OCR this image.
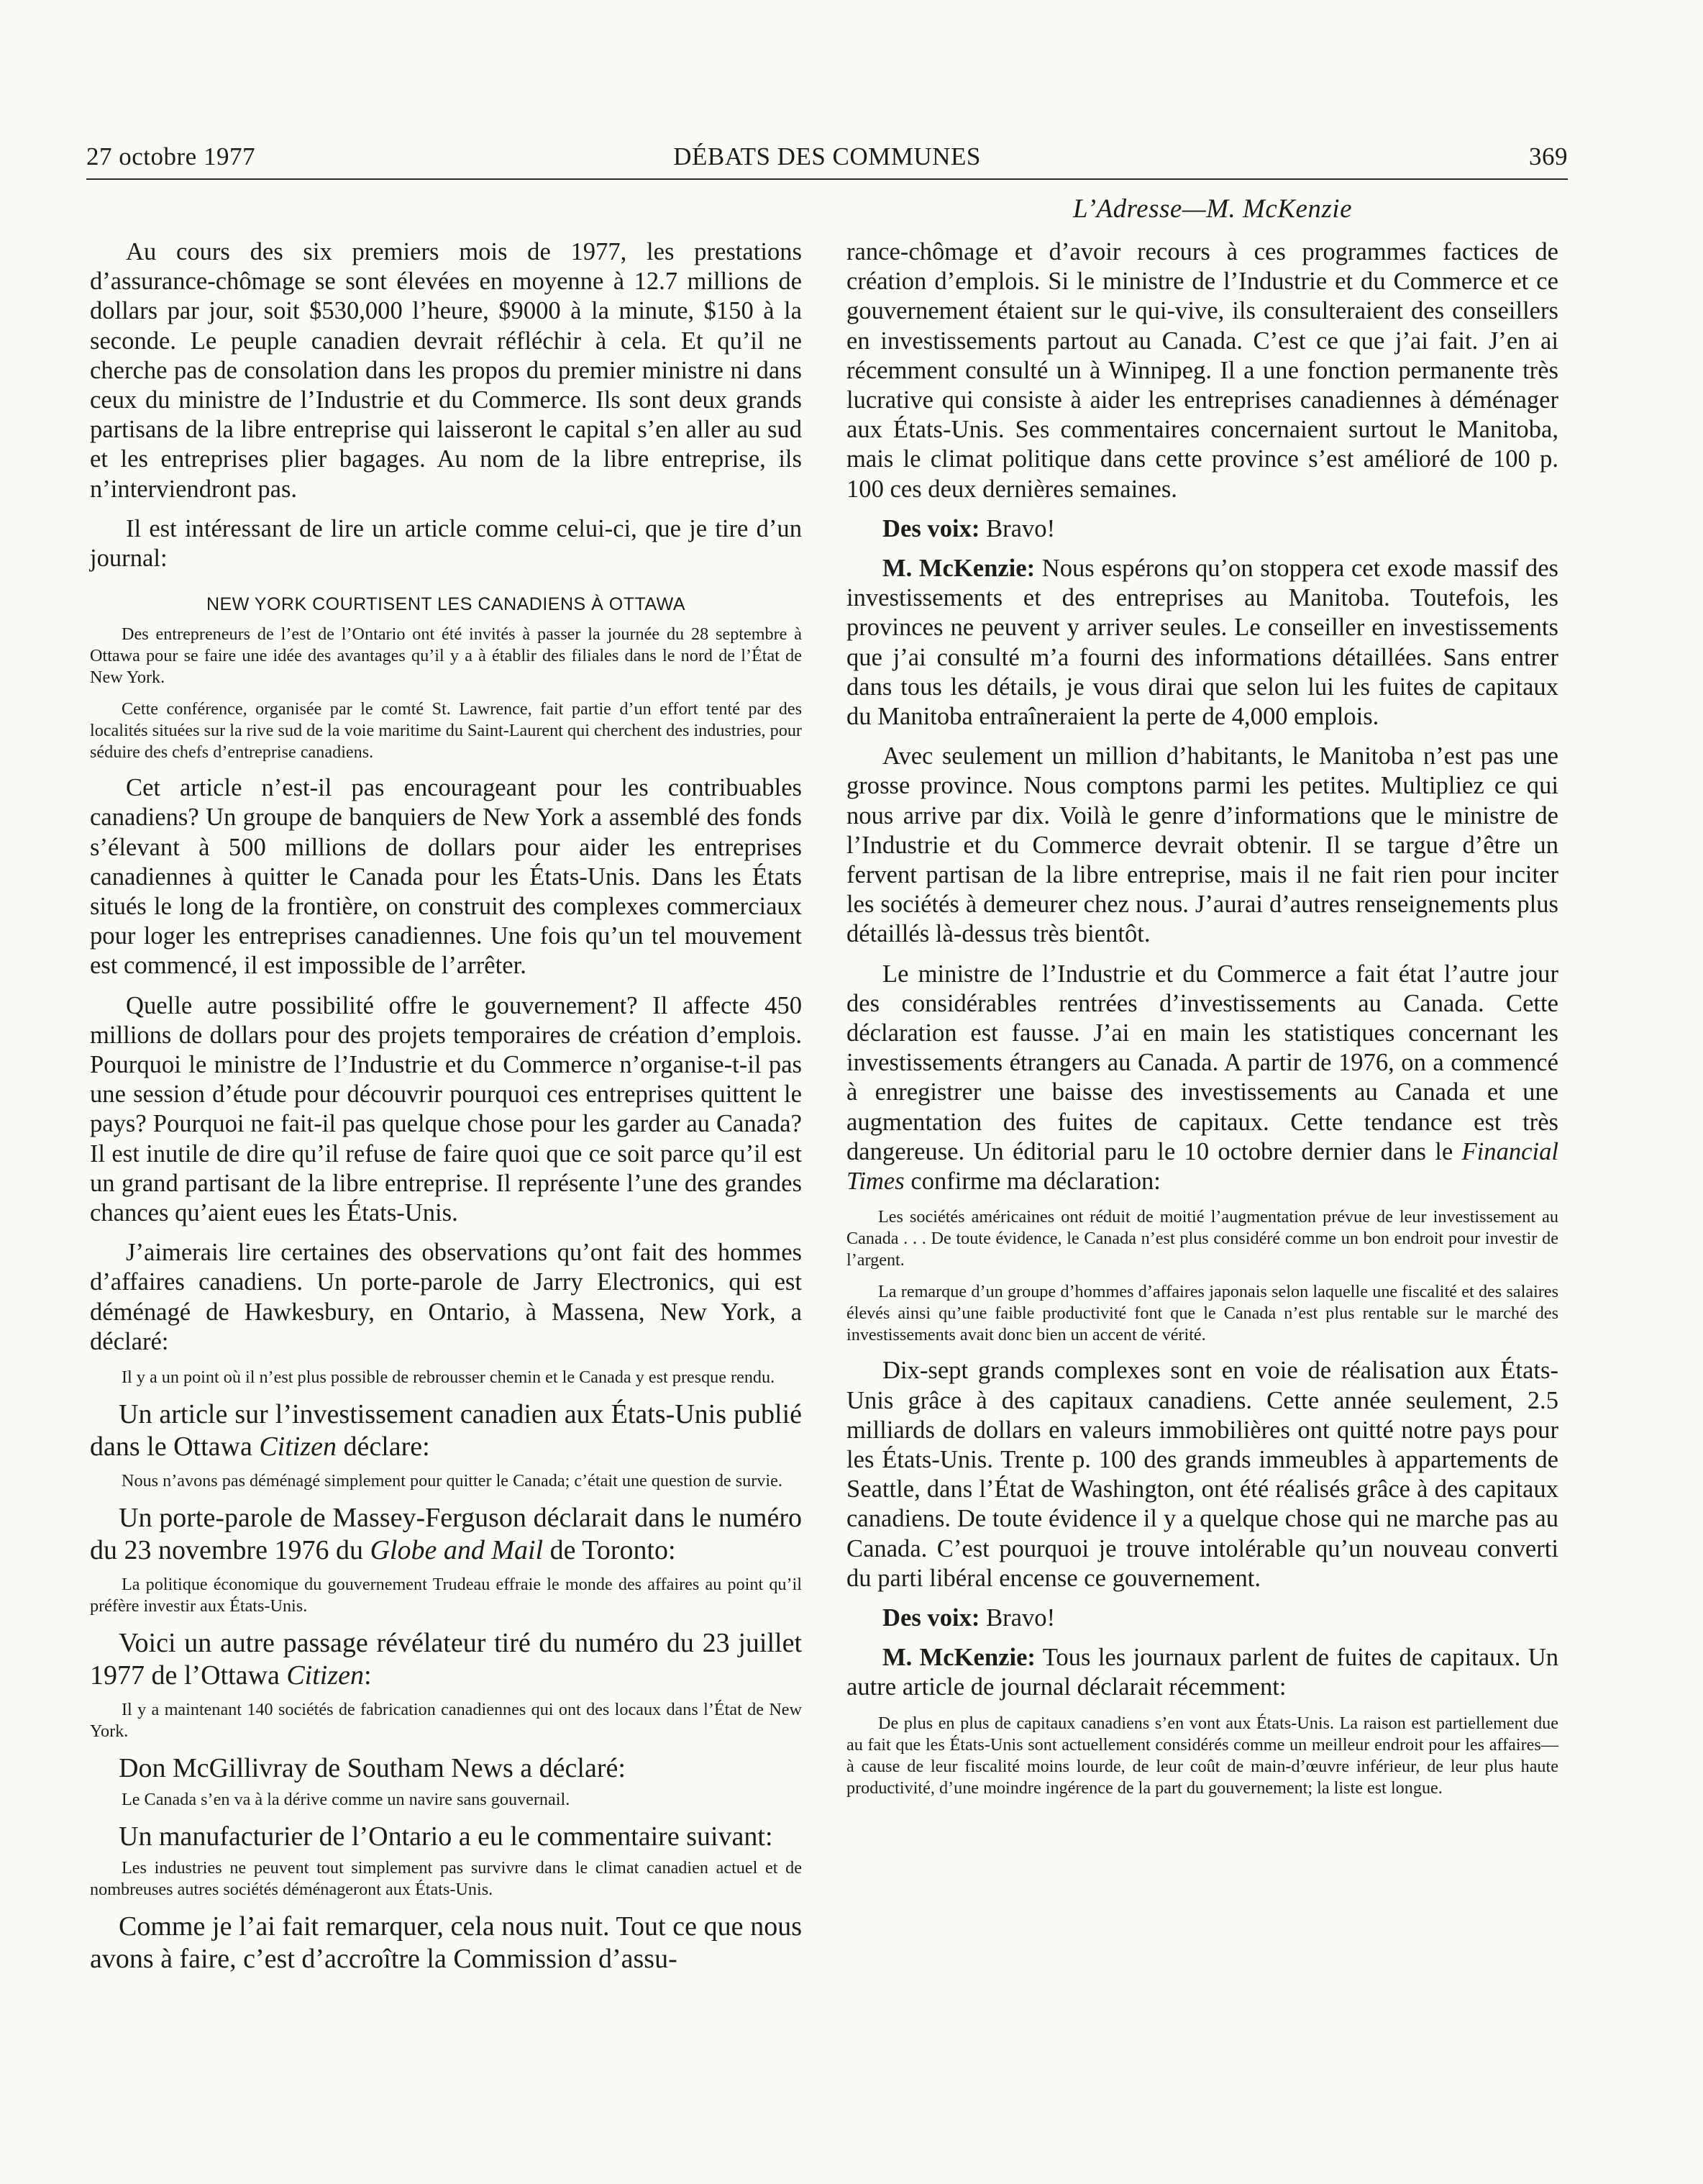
27 octobre 1977	DÉBATS DES COMMUNES	369
L’Adresse—M. McKenzie

Au cours des six premiers mois de 1977, les prestations d’assurance-chômage se sont élevées en moyenne à 12.7 millions de dollars par jour, soit $530,000 l’heure, $9000 à la minute, $150 à la seconde. Le peuple canadien devrait réfléchir à cela. Et qu’il ne cherche pas de consolation dans les propos du premier ministre ni dans ceux du ministre de l’Industrie et du Commerce. Ils sont deux grands partisans de la libre entreprise qui laisseront le capital s’en aller au sud et les entreprises plier bagages. Au nom de la libre entreprise, ils n’interviendront pas.

Il est intéressant de lire un article comme celui-ci, que je tire d’un journal:

NEW YORK COURTISENT LES CANADIENS À OTTAWA

Des entrepreneurs de l’est de l’Ontario ont été invités à passer la journée du 28 septembre à Ottawa pour se faire une idée des avantages qu’il y a à établir des filiales dans le nord de l’État de New York.

Cette conférence, organisée par le comté St. Lawrence, fait partie d’un effort tenté par des localités situées sur la rive sud de la voie maritime du Saint-Laurent qui cherchent des industries, pour séduire des chefs d’entreprise canadiens.

Cet article n’est-il pas encourageant pour les contribuables canadiens? Un groupe de banquiers de New York a assemblé des fonds s’élevant à 500 millions de dollars pour aider les entreprises canadiennes à quitter le Canada pour les États-Unis. Dans les États situés le long de la frontière, on construit des complexes commerciaux pour loger les entreprises canadiennes. Une fois qu’un tel mouvement est commencé, il est impossible de l’arrêter.

Quelle autre possibilité offre le gouvernement? Il affecte 450 millions de dollars pour des projets temporaires de création d’emplois. Pourquoi le ministre de l’Industrie et du Commerce n’organise-t-il pas une session d’étude pour découvrir pourquoi ces entreprises quittent le pays? Pourquoi ne fait-il pas quelque chose pour les garder au Canada? Il est inutile de dire qu’il refuse de faire quoi que ce soit parce qu’il est un grand partisant de la libre entreprise. Il représente l’une des grandes chances qu’aient eues les États-Unis.

J’aimerais lire certaines des observations qu’ont fait des hommes d’affaires canadiens. Un porte-parole de Jarry Electronics, qui est déménagé de Hawkesbury, en Ontario, à Massena, New York, a déclaré:

Il y a un point où il n’est plus possible de rebrousser chemin et le Canada y est presque rendu.

Un article sur l’investissement canadien aux États-Unis publié dans le Ottawa Citizen déclare:

Nous n’avons pas déménagé simplement pour quitter le Canada; c’était une question de survie.

Un porte-parole de Massey-Ferguson déclarait dans le numéro du 23 novembre 1976 du Globe and Mail de Toronto:

La politique économique du gouvernement Trudeau effraie le monde des affaires au point qu’il préfère investir aux États-Unis.

Voici un autre passage révélateur tiré du numéro du 23 juillet 1977 de l’Ottawa Citizen:

Il y a maintenant 140 sociétés de fabrication canadiennes qui ont des locaux dans l’État de New York.

Don McGillivray de Southam News a déclaré:

Le Canada s’en va à la dérive comme un navire sans gouvernail.

Un manufacturier de l’Ontario a eu le commentaire suivant:

Les industries ne peuvent tout simplement pas survivre dans le climat canadien actuel et de nombreuses autres sociétés déménageront aux États-Unis.

Comme je l’ai fait remarquer, cela nous nuit. Tout ce que nous avons à faire, c’est d’accroître la Commission d’assu-

rance-chômage et d’avoir recours à ces programmes factices de création d’emplois. Si le ministre de l’Industrie et du Commerce et ce gouvernement étaient sur le qui-vive, ils consulteraient des conseillers en investissements partout au Canada. C’est ce que j’ai fait. J’en ai récemment consulté un à Winnipeg. Il a une fonction permanente très lucrative qui consiste à aider les entreprises canadiennes à déménager aux États-Unis. Ses commentaires concernaient surtout le Manitoba, mais le climat politique dans cette province s’est amélioré de 100 p. 100 ces deux dernières semaines.

Des voix: Bravo!

M. McKenzie: Nous espérons qu’on stoppera cet exode massif des investissements et des entreprises au Manitoba. Toutefois, les provinces ne peuvent y arriver seules. Le conseiller en investissements que j’ai consulté m’a fourni des informations détaillées. Sans entrer dans tous les détails, je vous dirai que selon lui les fuites de capitaux du Manitoba entraîneraient la perte de 4,000 emplois.

Avec seulement un million d’habitants, le Manitoba n’est pas une grosse province. Nous comptons parmi les petites. Multipliez ce qui nous arrive par dix. Voilà le genre d’informations que le ministre de l’Industrie et du Commerce devrait obtenir. Il se targue d’être un fervent partisan de la libre entreprise, mais il ne fait rien pour inciter les sociétés à demeurer chez nous. J’aurai d’autres renseignements plus détaillés là-dessus très bientôt.

Le ministre de l’Industrie et du Commerce a fait état l’autre jour des considérables rentrées d’investissements au Canada. Cette déclaration est fausse. J’ai en main les statistiques concernant les investissements étrangers au Canada. A partir de 1976, on a commencé à enregistrer une baisse des investissements au Canada et une augmentation des fuites de capitaux. Cette tendance est très dangereuse. Un éditorial paru le 10 octobre dernier dans le Financial Times confirme ma déclaration:

Les sociétés américaines ont réduit de moitié l’augmentation prévue de leur investissement au Canada . . . De toute évidence, le Canada n’est plus considéré comme un bon endroit pour investir de l’argent.

La remarque d’un groupe d’hommes d’affaires japonais selon laquelle une fiscalité et des salaires élevés ainsi qu’une faible productivité font que le Canada n’est plus rentable sur le marché des investissements avait donc bien un accent de vérité.

Dix-sept grands complexes sont en voie de réalisation aux États-Unis grâce à des capitaux canadiens. Cette année seulement, 2.5 milliards de dollars en valeurs immobilières ont quitté notre pays pour les États-Unis. Trente p. 100 des grands immeubles à appartements de Seattle, dans l’État de Washington, ont été réalisés grâce à des capitaux canadiens. De toute évidence il y a quelque chose qui ne marche pas au Canada. C’est pourquoi je trouve intolérable qu’un nouveau converti du parti libéral encense ce gouvernement.

Des voix: Bravo!

M. McKenzie: Tous les journaux parlent de fuites de capitaux. Un autre article de journal déclarait récemment:

De plus en plus de capitaux canadiens s’en vont aux États-Unis. La raison est partiellement due au fait que les États-Unis sont actuellement considérés comme un meilleur endroit pour les affaires—à cause de leur fiscalité moins lourde, de leur coût de main-d’œuvre inférieur, de leur plus haute productivité, d’une moindre ingérence de la part du gouvernement; la liste est longue.
